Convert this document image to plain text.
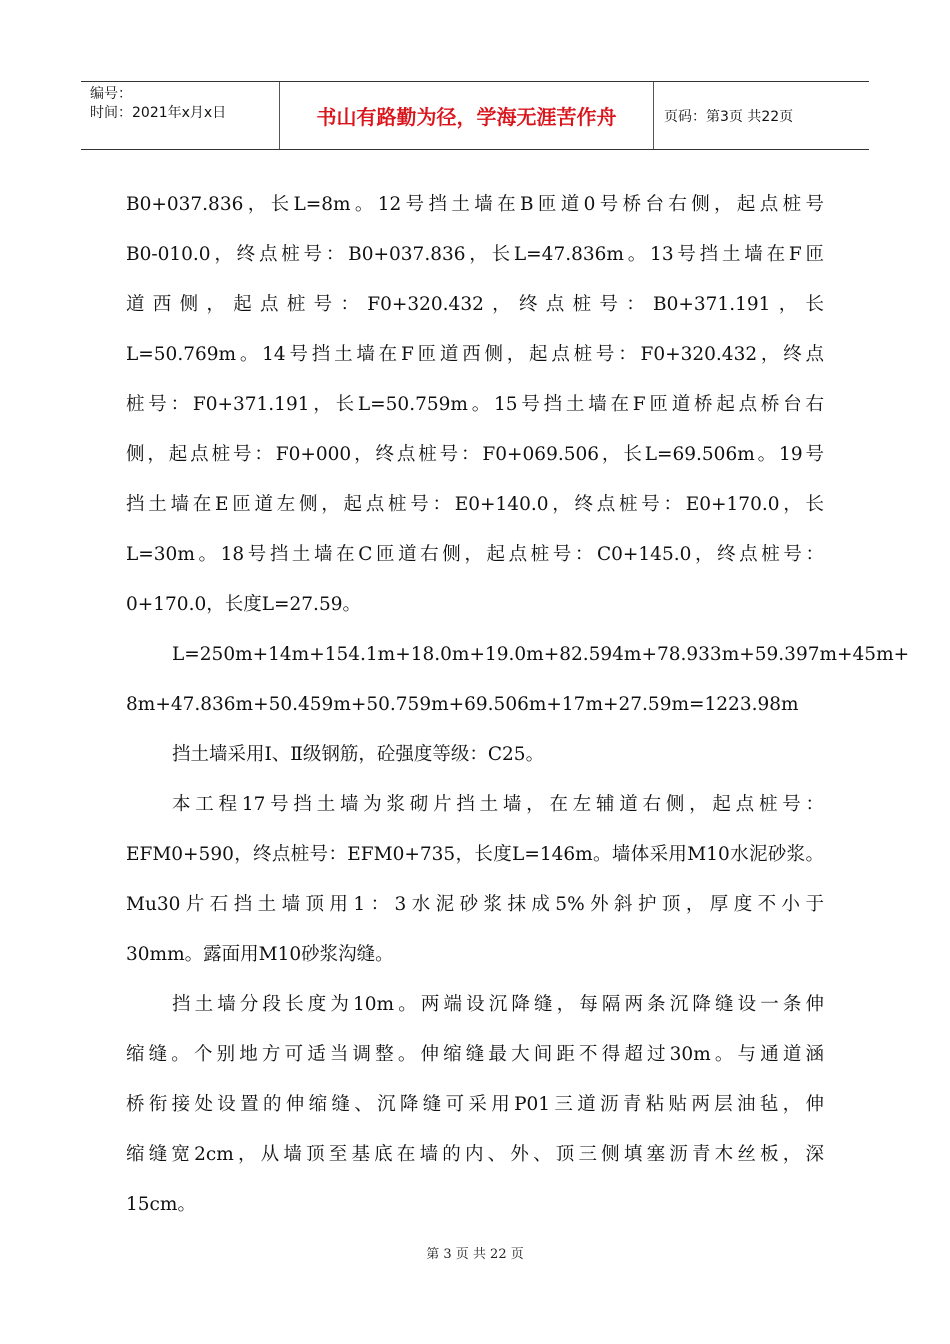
编号：
时间：2021年x月x日	书山有路勤为径，学海无涯苦作舟	页码：第3页 共22页
B0+037.836，长L=8m。12号挡土墙在B匝道0号桥台右侧，起点桩号
B0-010.0，终点桩号：B0+037.836，长L=47.836m。13号挡土墙在F匝
道西侧，起点桩号：F0+320.432，终点桩号：B0+371.191，长
L=50.769m。14号挡土墙在F匝道西侧，起点桩号：F0+320.432，终点
桩号：F0+371.191，长L=50.759m。15号挡土墙在F匝道桥起点桥台右
侧，起点桩号：F0+000，终点桩号：F0+069.506，长L=69.506m。19号
挡土墙在E匝道左侧，起点桩号：E0+140.0，终点桩号：E0+170.0，长
L=30m。18号挡土墙在C匝道右侧，起点桩号：C0+145.0，终点桩号：
0+170.0，长度L=27.59。
L=250m+14m+154.1m+18.0m+19.0m+82.594m+78.933m+59.397m+45m+
8m+47.836m+50.459m+50.759m+69.506m+17m+27.59m=1223.98m
挡土墙采用Ⅰ、Ⅱ级钢筋，砼强度等级：C25。
本工程17号挡土墙为浆砌片挡土墙，在左辅道右侧，起点桩号：
EFM0+590，终点桩号：EFM0+735，长度L=146m。墙体采用M10水泥砂浆。
Mu30片石挡土墙顶用1：3水泥砂浆抹成5%外斜护顶，厚度不小于
30mm。露面用M10砂浆沟缝。
挡土墙分段长度为10m。两端设沉降缝，每隔两条沉降缝设一条伸
缩缝。个别地方可适当调整。伸缩缝最大间距不得超过30m。与通道涵
桥衔接处设置的伸缩缝、沉降缝可采用P01三道沥青粘贴两层油毡，伸
缩缝宽2cm，从墙顶至基底在墙的内、外、顶三侧填塞沥青木丝板，深
15cm。
第 3 页 共 22 页
